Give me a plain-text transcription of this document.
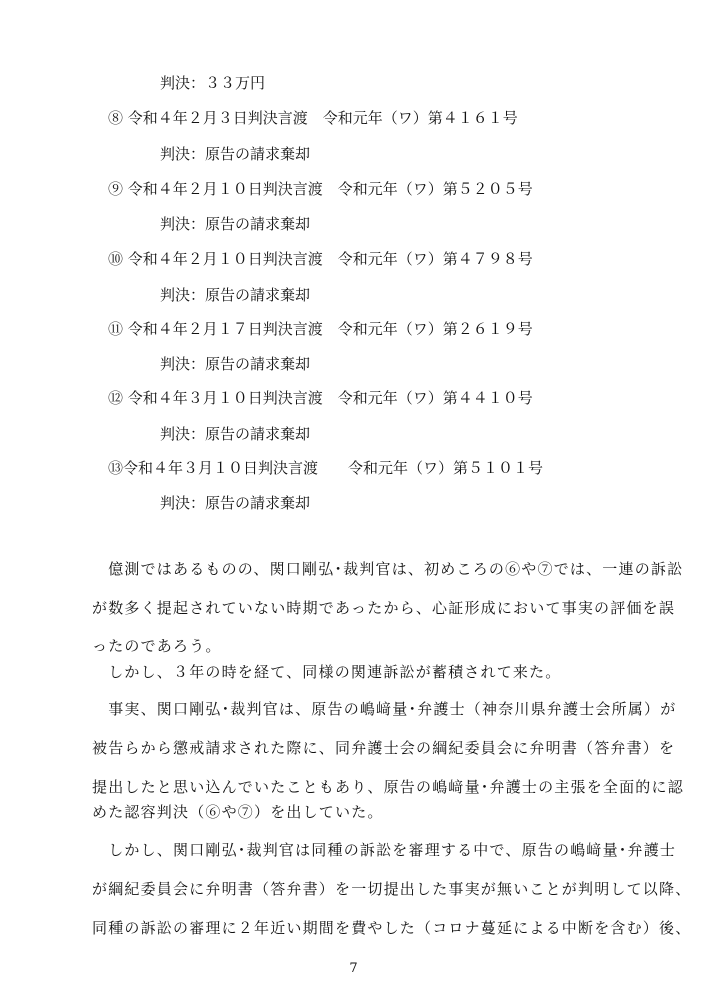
判決：３３万円
⑧ 令和４年２月３日判決言渡　令和元年（ワ）第４１６１号
判決：原告の請求棄却
⑨ 令和４年２月１０日判決言渡　令和元年（ワ）第５２０５号
判決：原告の請求棄却
⑩ 令和４年２月１０日判決言渡　令和元年（ワ）第４７９８号
判決：原告の請求棄却
⑪ 令和４年２月１７日判決言渡　令和元年（ワ）第２６１９号
判決：原告の請求棄却
⑫ 令和４年３月１０日判決言渡　令和元年（ワ）第４４１０号
判決：原告の請求棄却
⑬令和４年３月１０日判決言渡　　令和元年（ワ）第５１０１号
判決：原告の請求棄却
　億測ではあるものの、関口剛弘･裁判官は、初めころの⑥や⑦では、一連の訴訟
が数多く提起されていない時期であったから、心証形成において事実の評価を誤
ったのであろう。
　しかし、３年の時を経て、同様の関連訴訟が蓄積されて来た。
　事実、関口剛弘･裁判官は、原告の嶋﨑量･弁護士（神奈川県弁護士会所属）が
被告らから懲戒請求された際に、同弁護士会の綱紀委員会に弁明書（答弁書）を
提出したと思い込んでいたこともあり、原告の嶋﨑量･弁護士の主張を全面的に認
めた認容判決（⑥や⑦）を出していた。
　しかし、関口剛弘･裁判官は同種の訴訟を審理する中で、原告の嶋﨑量･弁護士
が綱紀委員会に弁明書（答弁書）を一切提出した事実が無いことが判明して以降、
同種の訴訟の審理に２年近い期間を費やした（コロナ蔓延による中断を含む）後、
7
